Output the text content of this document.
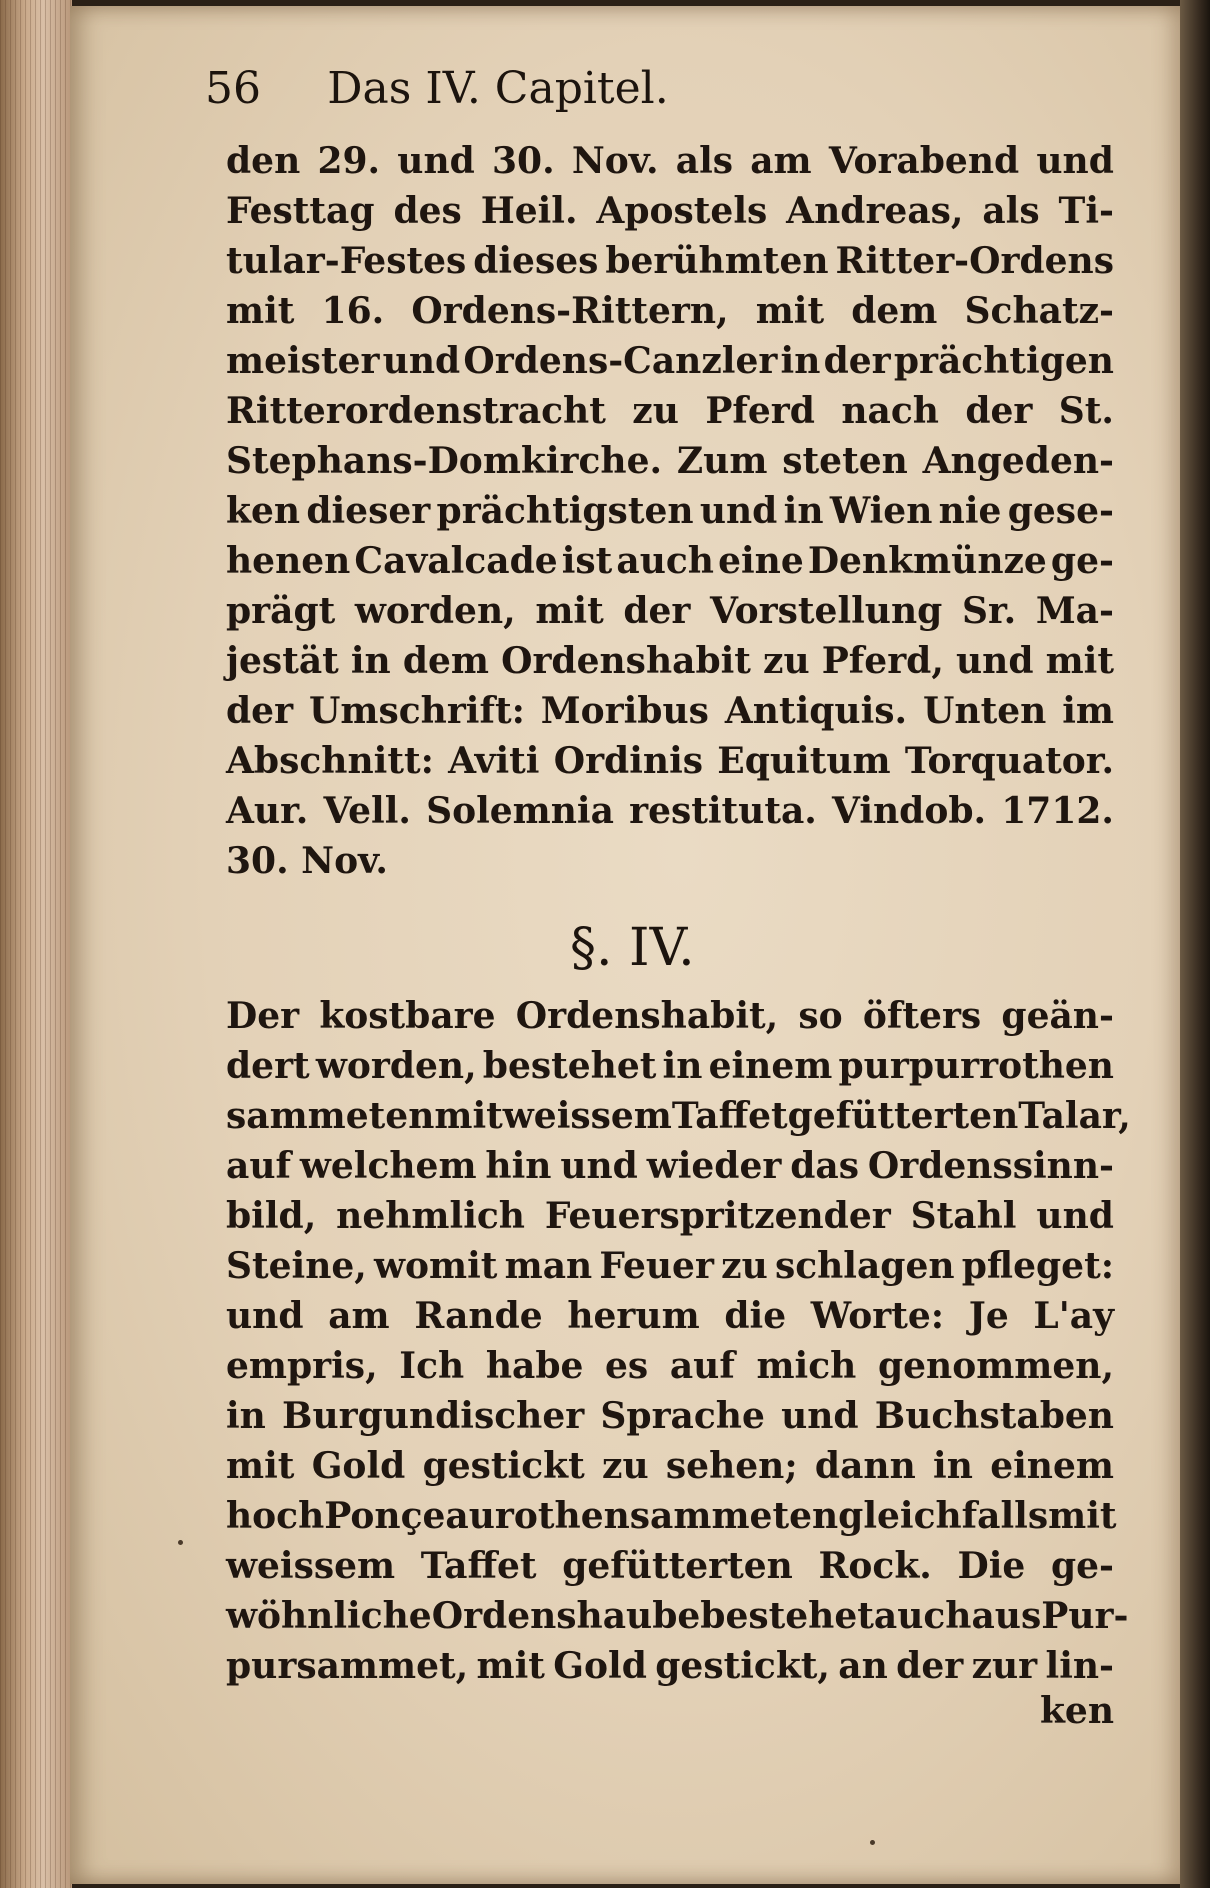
56 Das IV. Capitel.
den 29. und 30. Nov. als am Vorabend und
Festtag des Heil. Apostels Andreas, als Ti-
tular-Festes dieses berühmten Ritter-Ordens
mit 16. Ordens-Rittern, mit dem Schatz-
meister und Ordens-Canzler in der prächtigen
Ritterordenstracht zu Pferd nach der St.
Stephans-Domkirche. Zum steten Angeden-
ken dieser prächtigsten und in Wien nie gese-
henen Cavalcade ist auch eine Denkmünze ge-
prägt worden, mit der Vorstellung Sr. Ma-
jestät in dem Ordenshabit zu Pferd, und mit
der Umschrift: Moribus Antiquis. Unten im
Abschnitt: Aviti Ordinis Equitum Torquator.
Aur. Vell. Solemnia restituta. Vindob. 1712.
30. Nov.
§. IV.
Der kostbare Ordenshabit, so öfters geän-
dert worden, bestehet in einem purpurrothen
sammeten mit weissem Taffet gefütterten Talar,
auf welchem hin und wieder das Ordenssinn-
bild, nehmlich Feuerspritzender Stahl und
Steine, womit man Feuer zu schlagen pfleget:
und am Rande herum die Worte: Je L'ay
empris, Ich habe es auf mich genommen,
in Burgundischer Sprache und Buchstaben
mit Gold gestickt zu sehen; dann in einem
hoch Ponçeau rothen sammeten gleichfalls mit
weissem Taffet gefütterten Rock. Die ge-
wöhnliche Ordenshaube bestehet auch aus Pur-
pursammet, mit Gold gestickt, an der zur lin-
ken
